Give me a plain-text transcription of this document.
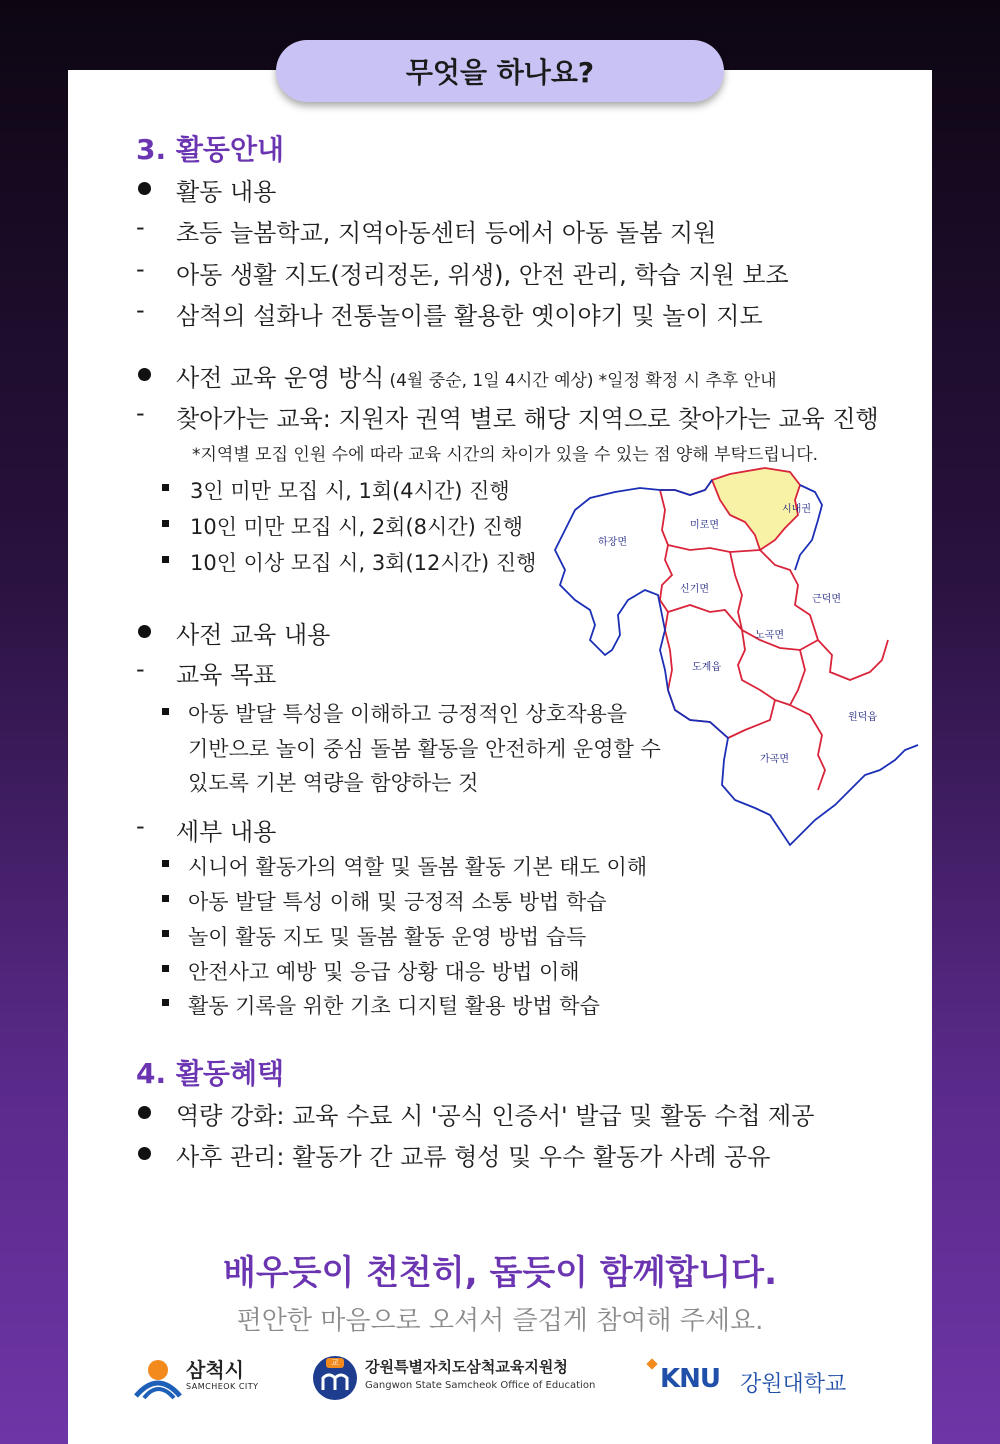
무엇을 하나요?
3. 활동안내
활동 내용
- 초등 늘봄학교, 지역아동센터 등에서 아동 돌봄 지원
- 아동 생활 지도(정리정돈, 위생), 안전 관리, 학습 지원 보조
- 삼척의 설화나 전통놀이를 활용한 옛이야기 및 놀이 지도
사전 교육 운영 방식 (4월 중순, 1일 4시간 예상) *일정 확정 시 추후 안내
- 찾아가는 교육: 지원자 권역 별로 해당 지역으로 찾아가는 교육 진행
*지역별 모집 인원 수에 따라 교육 시간의 차이가 있을 수 있는 점 양해 부탁드립니다.
3인 미만 모집 시, 1회(4시간) 진행
10인 미만 모집 시, 2회(8시간) 진행
10인 이상 모집 시, 3회(12시간) 진행
사전 교육 내용
- 교육 목표
아동 발달 특성을 이해하고 긍정적인 상호작용을
기반으로 놀이 중심 돌봄 활동을 안전하게 운영할 수
있도록 기본 역량을 함양하는 것
- 세부 내용
시니어 활동가의 역할 및 돌봄 활동 기본 태도 이해
아동 발달 특성 이해 및 긍정적 소통 방법 학습
놀이 활동 지도 및 돌봄 활동 운영 방법 습득
안전사고 예방 및 응급 상황 대응 방법 이해
활동 기록을 위한 기초 디지털 활용 방법 학습
시내권
미로면
하장면
신기면
근덕면
노곡면
도계읍
원덕읍
가곡면
4. 활동혜택
역량 강화: 교육 수료 시 '공식 인증서' 발급 및 활동 수첩 제공
사후 관리: 활동가 간 교류 형성 및 우수 활동가 사례 공유
배우듯이 천천히, 돕듯이 함께합니다.
편안한 마음으로 오셔서 즐겁게 참여해 주세요.
삼척시
SAMCHEOK CITY
교	강원특별자치도삼척교육지원청
Gangwon State Samcheok Office of Education KNU 강원대학교
